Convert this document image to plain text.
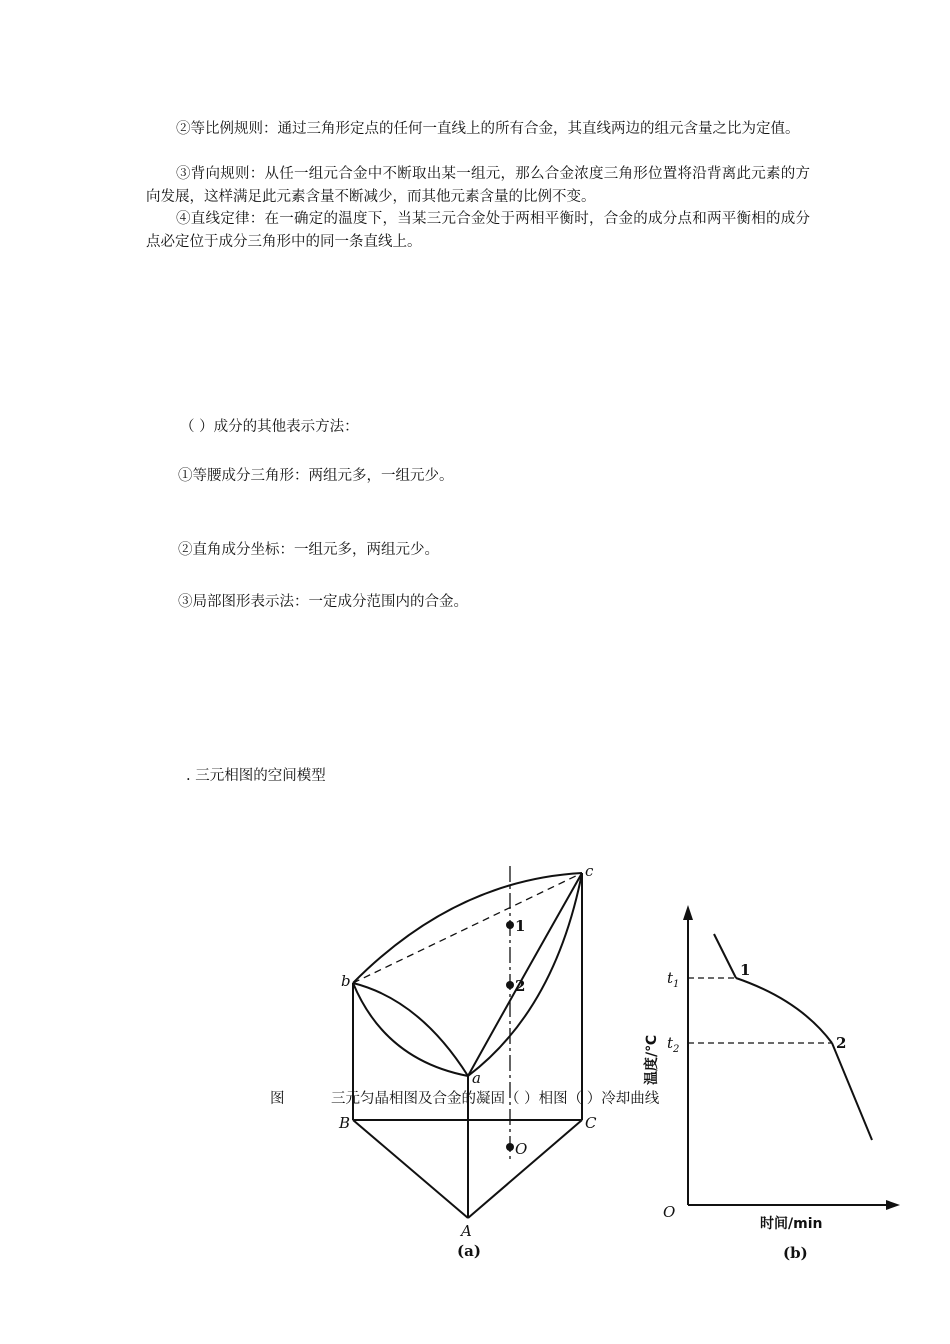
②等比例规则：通过三角形定点的任何一直线上的所有合金，其直线两边的组元含量之比为定值。

③背向规则：从任一组元合金中不断取出某一组元，那么合金浓度三角形位置将沿背离此元素的方向发展，这样满足此元素含量不断减少，而其他元素含量的比例不变。

④直线定律：在一确定的温度下，当某三元合金处于两相平衡时，合金的成分点和两平衡相的成分点必定位于成分三角形中的同一条直线上。

（ ）成分的其他表示方法：
①等腰成分三角形：两组元多，一组元少。
②直角成分坐标：一组元多，两组元少。
③局部图形表示法：一定成分范围内的合金。
. 三元相图的空间模型
b
c
a
B	C
A
O
1
2
(a)
$t_1$
$t_2$
1
2
O
温度/℃
时间/min
(b)
图	三元匀晶相图及合金的凝固（ ）相图（ ）冷却曲线
